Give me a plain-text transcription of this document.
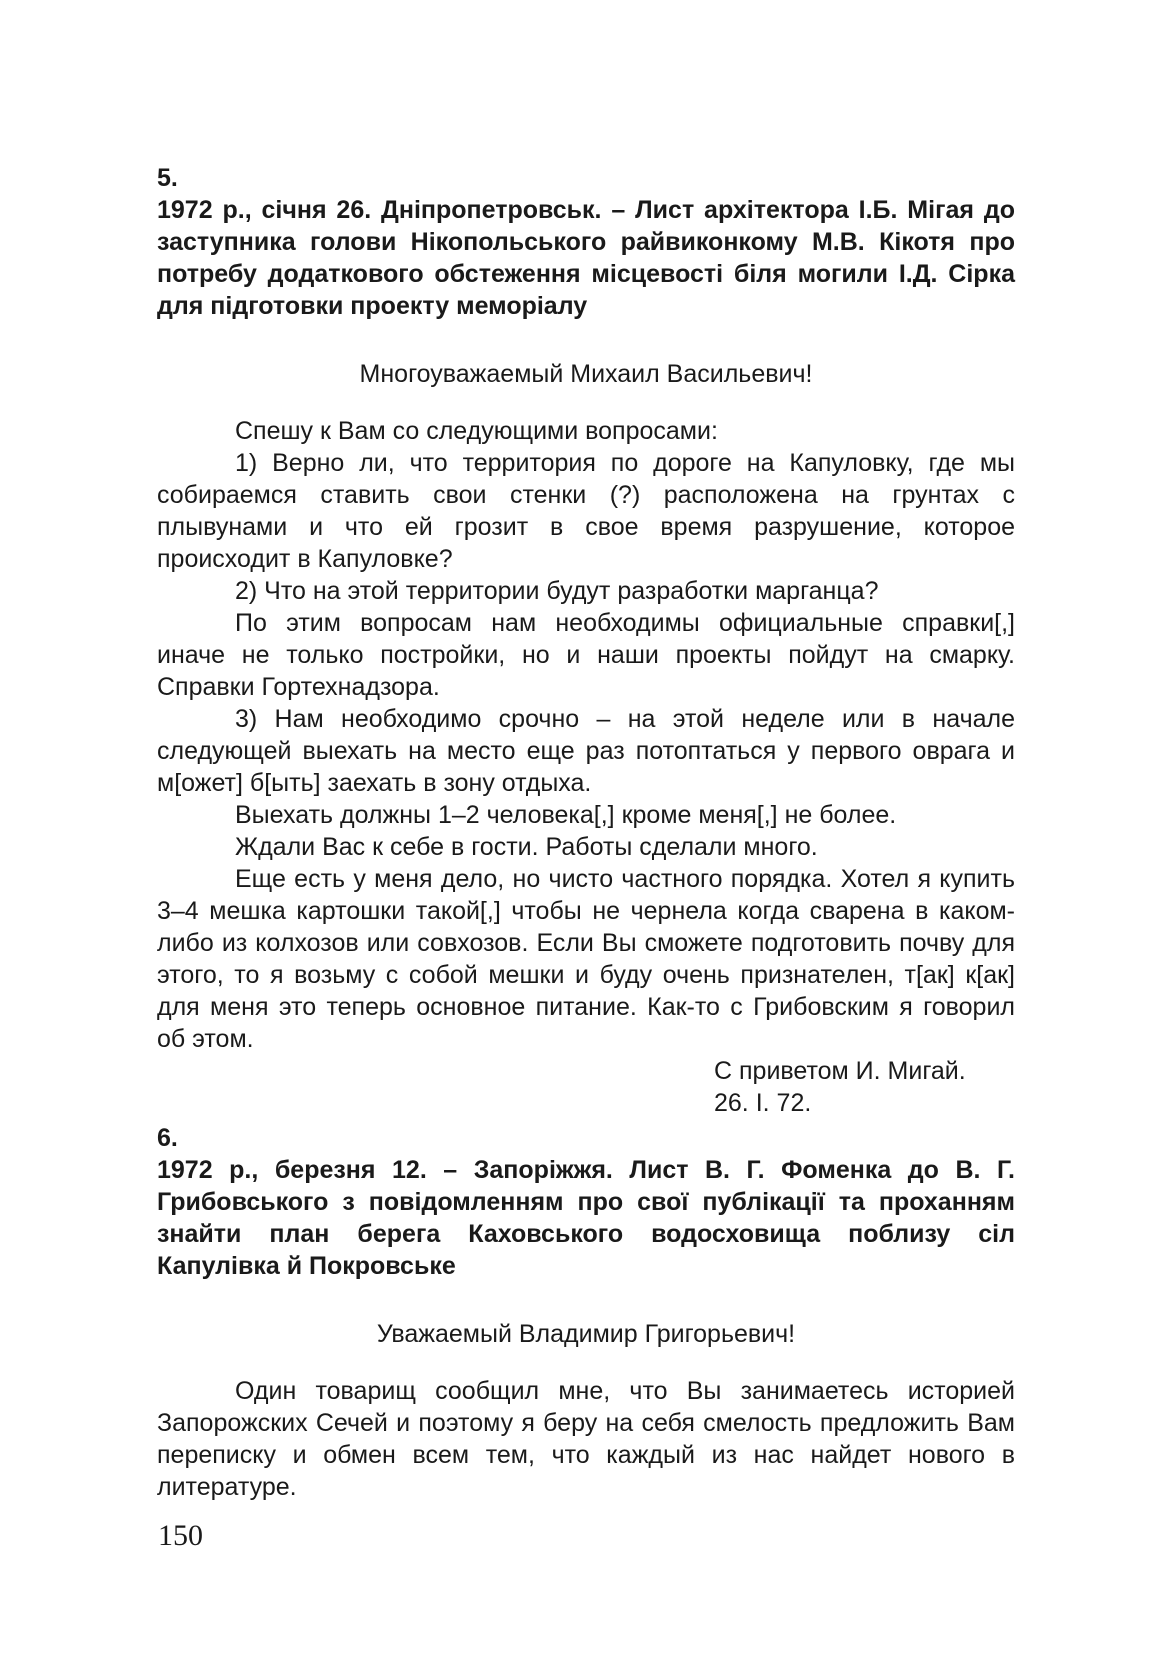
5.

1972 р., січня 26. Дніпропетровськ. – Лист архітектора І.Б. Мігая до заступника голови Нікопольського райвиконкому М.В. Кікотя про потребу додаткового обстеження місцевості біля могили І.Д. Сірка для підготовки проекту меморіалу

Многоуважаемый Михаил Васильевич!

Спешу к Вам со следующими вопросами:

1) Верно ли, что территория по дороге на Капуловку, где мы собираемся ставить свои стенки (?) расположена на грунтах с плывунами и что ей грозит в свое время разрушение, которое происходит в Капуловке?

2) Что на этой территории будут разработки марганца?

По этим вопросам нам необходимы официальные справки[,] иначе не только постройки, но и наши проекты пойдут на смарку. Справки Гортехнадзора.

3) Нам необходимо срочно – на этой неделе или в начале следующей выехать на место еще раз потоптаться у первого оврага и м[ожет] б[ыть] заехать в зону отдыха.

Выехать должны 1–2 человека[,] кроме меня[,] не более.

Ждали Вас к себе в гости. Работы сделали много.

Еще есть у меня дело, но чисто частного порядка. Хотел я купить 3–4 мешка картошки такой[,] чтобы не чернела когда сварена в каком-либо из колхозов или совхозов. Если Вы сможете подготовить почву для этого, то я возьму с собой мешки и буду очень признателен, т[ак] к[ак] для меня это теперь основное питание. Как-то с Грибовским я говорил об этом.

С приветом И. Мигай.

26. I. 72.

6.

1972 р., березня 12. – Запоріжжя. Лист В. Г. Фоменка до В. Г. Грибовського з повідомленням про свої публікації та проханням знайти план берега Каховського водосховища поблизу сіл Капулівка й Покровське

Уважаемый Владимир Григорьевич!

Один товарищ сообщил мне, что Вы занимаетесь историей Запорожских Сечей и поэтому я беру на себя смелость предложить Вам переписку и обмен всем тем, что каждый из нас найдет нового в литературе.

150
